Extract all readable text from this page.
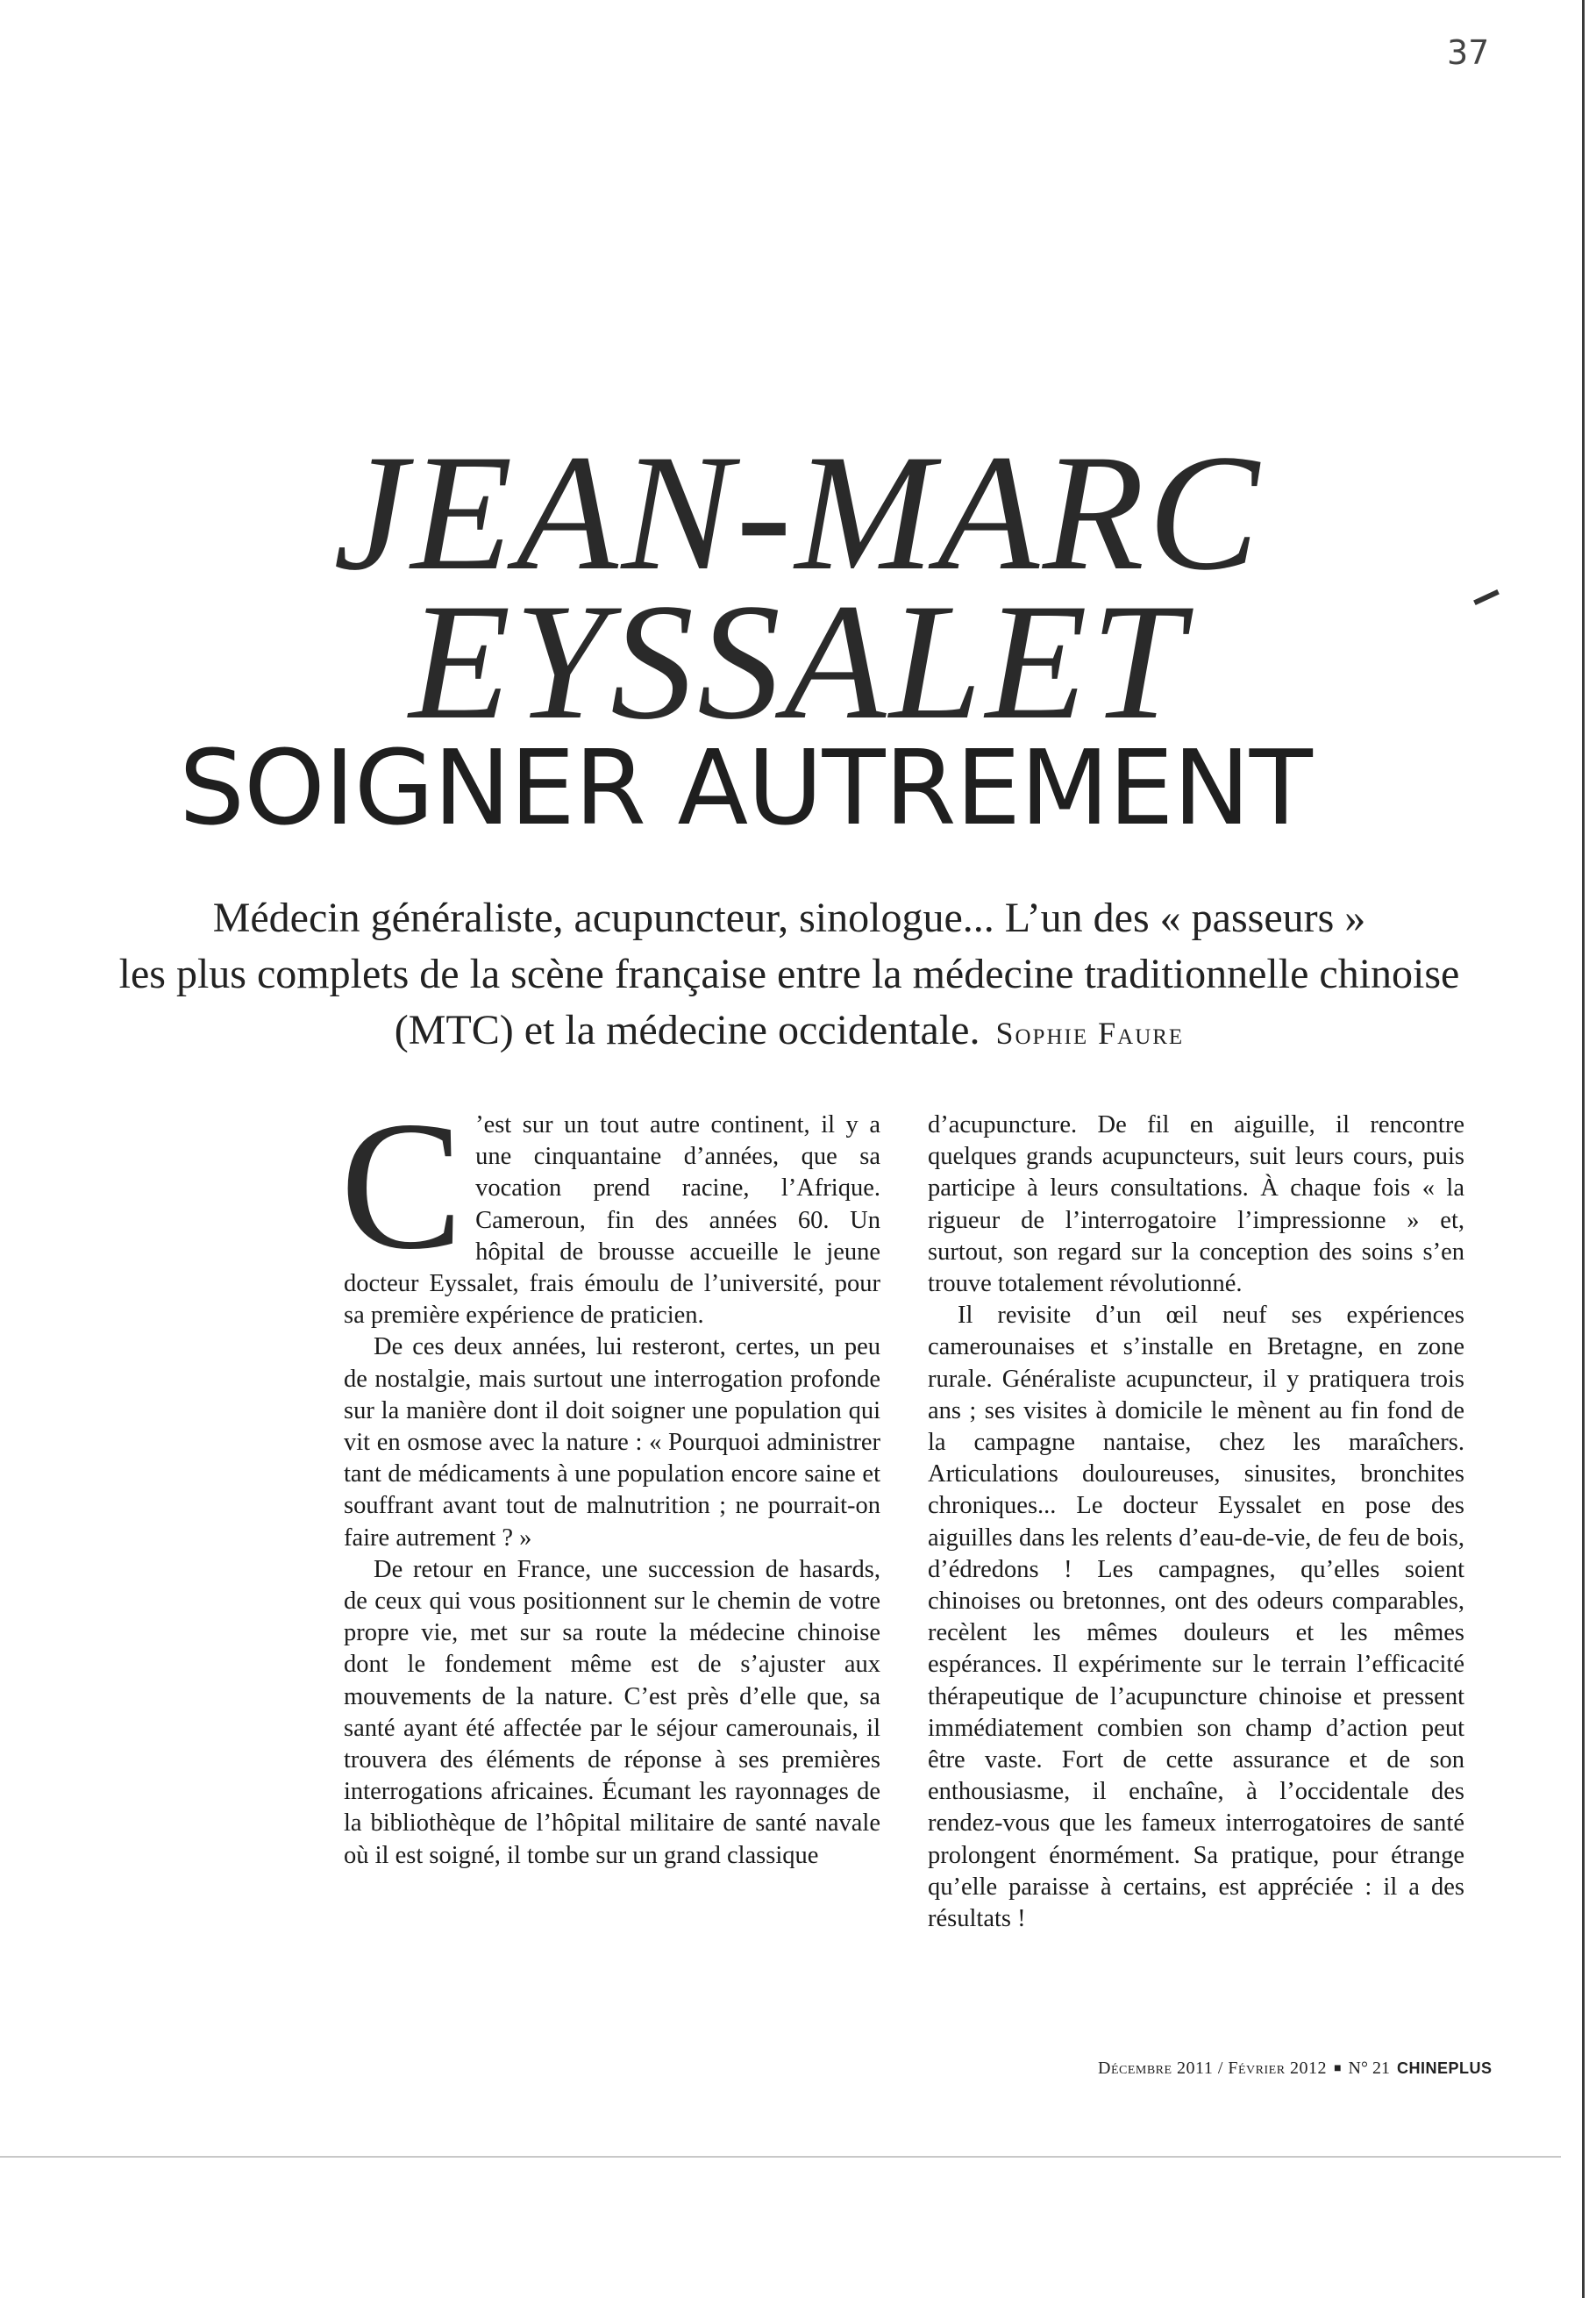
37
JEAN-MARC
EYSSALET
SOIGNER AUTREMENT
Médecin généraliste, acupuncteur, sinologue... L’un des « passeurs »
les plus complets de la scène française entre la médecine traditionnelle chinoise
(MTC) et la médecine occidentale. Sophie Faure

C ’est sur un tout autre continent, il y a une cinquantaine d’années, que sa vocation prend racine, l’Afrique. Cameroun, fin des années 60. Un hôpital de brousse accueille le jeune docteur Eyssalet, frais émoulu de l’université, pour sa première expérience de praticien.

De ces deux années, lui resteront, certes, un peu de nostalgie, mais surtout une interrogation profonde sur la manière dont il doit soigner une population qui vit en osmose avec la nature : « Pourquoi administrer tant de médicaments à une population encore saine et souffrant avant tout de malnutrition ; ne pourrait-on faire autrement ? »

De retour en France, une succession de hasards, de ceux qui vous positionnent sur le chemin de votre propre vie, met sur sa route la médecine chinoise dont le fondement même est de s’ajuster aux mouvements de la nature. C’est près d’elle que, sa santé ayant été affectée par le séjour camerounais, il trouvera des éléments de réponse à ses premières interrogations africaines. Écumant les rayonnages de la bibliothèque de l’hôpital militaire de santé navale où il est soigné, il tombe sur un grand classique

d’acupuncture. De fil en aiguille, il rencontre quelques grands acupuncteurs, suit leurs cours, puis participe à leurs consultations. À chaque fois « la rigueur de l’interrogatoire l’impressionne » et, surtout, son regard sur la conception des soins s’en trouve totalement révolutionné.

Il revisite d’un œil neuf ses expériences camerounaises et s’installe en Bretagne, en zone rurale. Généraliste acupuncteur, il y pratiquera trois ans ; ses visites à domicile le mènent au fin fond de la campagne nantaise, chez les maraîchers. Articulations douloureuses, sinusites, bronchites chroniques... Le docteur Eyssalet en pose des aiguilles dans les relents d’eau-de-vie, de feu de bois, d’édredons ! Les campagnes, qu’elles soient chinoises ou bretonnes, ont des odeurs comparables, recèlent les mêmes douleurs et les mêmes espérances. Il expérimente sur le terrain l’efficacité thérapeutique de l’acupuncture chinoise et pressent immédiatement combien son champ d’action peut être vaste. Fort de cette assurance et de son enthousiasme, il enchaîne, à l’occidentale des rendez-vous que les fameux interrogatoires de santé prolongent énormément. Sa pratique, pour étrange qu’elle paraisse à certains, est appréciée : il a des résultats !

Décembre 2011 / Février 2012 ■ N° 21 CHINEPLUS
